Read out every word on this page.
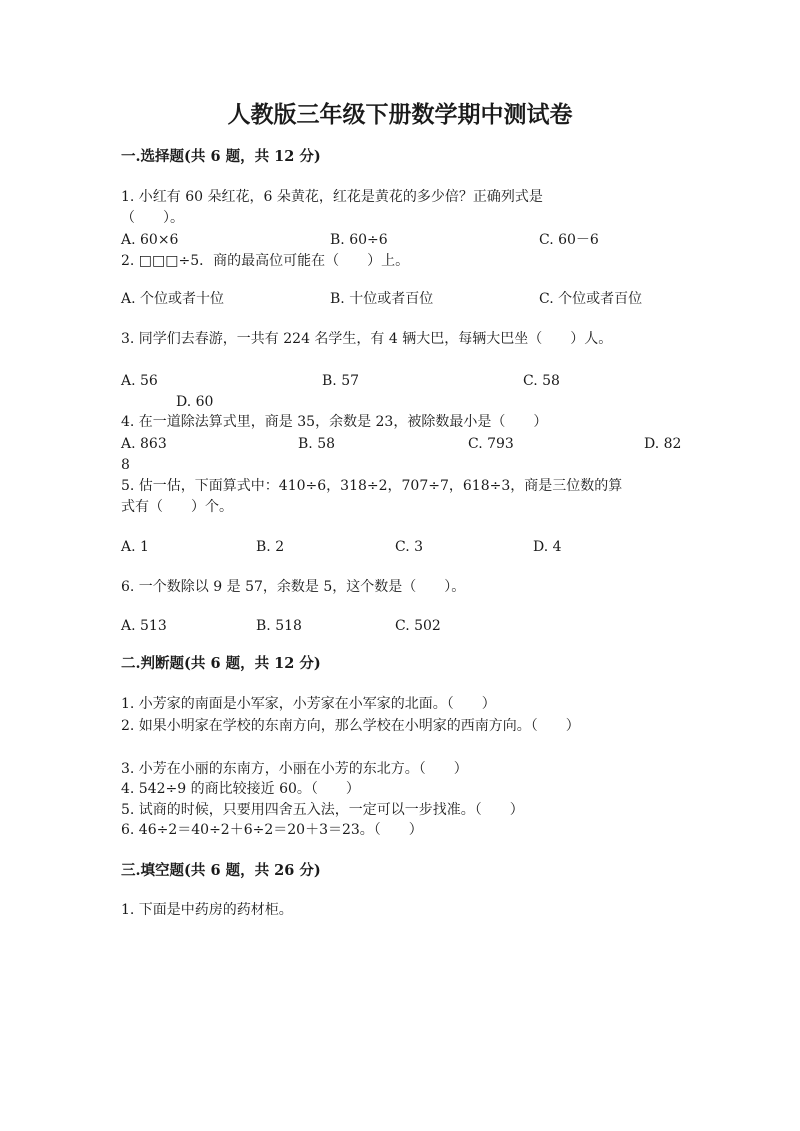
人教版三年级下册数学期中测试卷
一.选择题(共 6 题，共 12 分)
1. 小红有 60 朵红花，6 朵黄花，红花是黄花的多少倍？正确列式是
（　　）。
A. 60×6	B. 60÷6	C. 60－6
2. □□□÷5．商的最高位可能在（　　）上。
A. 个位或者十位	B. 十位或者百位	C. 个位或者百位
3. 同学们去春游，一共有 224 名学生，有 4 辆大巴，每辆大巴坐（　　）人。
A. 56	B. 57	C. 58
D. 60
4. 在一道除法算式里，商是 35，余数是 23，被除数最小是（　　）
A. 863	B. 58	C. 793	D. 82
8
5. 估一估，下面算式中：410÷6，318÷2，707÷7，618÷3，商是三位数的算
式有（　　）个。
A. 1	B. 2	C. 3	D. 4
6. 一个数除以 9 是 57，余数是 5，这个数是（　　）。
A. 513	B. 518	C. 502
二.判断题(共 6 题，共 12 分)
1. 小芳家的南面是小军家，小芳家在小军家的北面。（　　）
2. 如果小明家在学校的东南方向，那么学校在小明家的西南方向。（　　）
3. 小芳在小丽的东南方，小丽在小芳的东北方。（　　）
4. 542÷9 的商比较接近 60。（　　）
5. 试商的时候，只要用四舍五入法，一定可以一步找准。（　　）
6. 46÷2＝40÷2＋6÷2＝20＋3＝23。（　　）
三.填空题(共 6 题，共 26 分)
1. 下面是中药房的药材柜。
